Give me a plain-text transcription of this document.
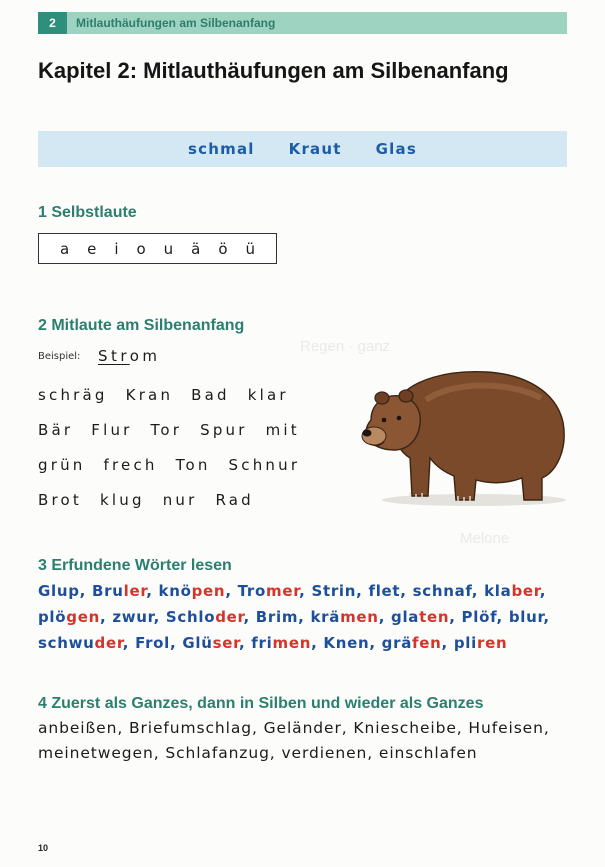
Regen · ganz
Melone
2	Mitlauthäufungen am Silbenanfang
Kapitel 2: Mitlauthäufungen am Silbenanfang
schmal Kraut Glas
1 Selbstlaute
a e i o u ä ö ü
2 Mitlaute am Silbenanfang
Beispiel: Strom
schräg Kran Bad klar
Bär Flur Tor Spur mit
grün frech Ton Schnur
Brot klug nur Rad
3 Erfundene Wörter lesen
Glup, Bruler, knöpen, Tromer, Strin, flet, schnaf, klaber,
plögen, zwur, Schloder, Brim, krämen, glaten, Plöf, blur,
schwuder, Frol, Glüser, frimen, Knen, gräfen, pliren
4 Zuerst als Ganzes, dann in Silben und wieder als Ganzes
anbeißen, Briefumschlag, Geländer, Kniescheibe, Hufeisen,
meinetwegen, Schlafanzug, verdienen, einschlafen
10
